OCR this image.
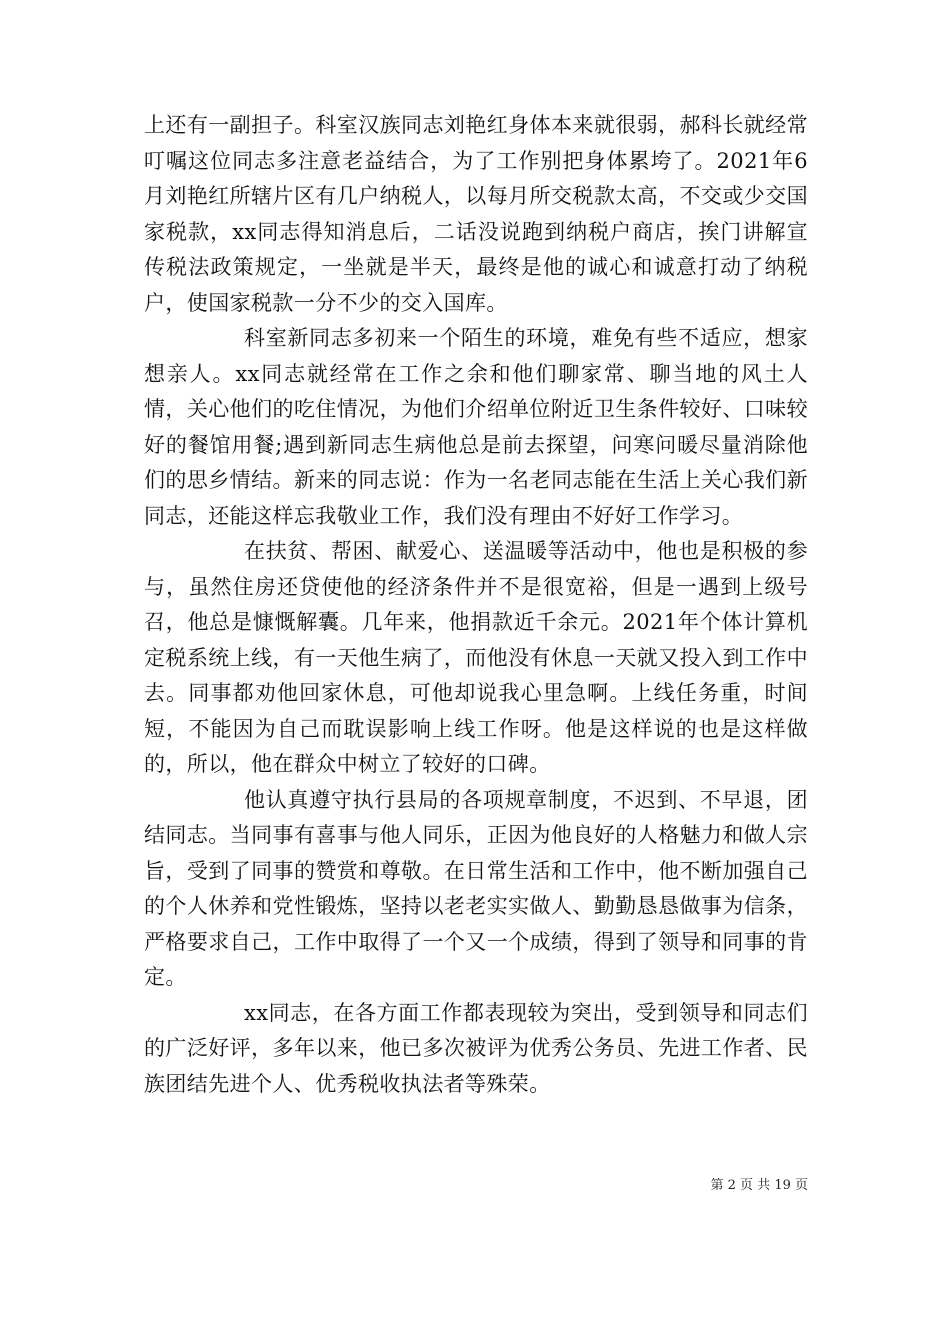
上还有一副担子。科室汉族同志刘艳红身体本来就很弱，郝科长就经常叮嘱这位同志多注意老益结合，为了工作别把身体累垮了。2021年6月刘艳红所辖片区有几户纳税人，以每月所交税款太高，不交或少交国家税款，xx同志得知消息后，二话没说跑到纳税户商店，挨门讲解宣传税法政策规定，一坐就是半天，最终是他的诚心和诚意打动了纳税户，使国家税款一分不少的交入国库。

科室新同志多初来一个陌生的环境，难免有些不适应，想家想亲人。xx同志就经常在工作之余和他们聊家常、聊当地的风土人情，关心他们的吃住情况，为他们介绍单位附近卫生条件较好、口味较好的餐馆用餐;遇到新同志生病他总是前去探望，问寒问暖尽量消除他们的思乡情结。新来的同志说：作为一名老同志能在生活上关心我们新同志，还能这样忘我敬业工作，我们没有理由不好好工作学习。

在扶贫、帮困、献爱心、送温暖等活动中，他也是积极的参与，虽然住房还贷使他的经济条件并不是很宽裕，但是一遇到上级号召，他总是慷慨解囊。几年来，他捐款近千余元。2021年个体计算机定税系统上线，有一天他生病了，而他没有休息一天就又投入到工作中去。同事都劝他回家休息，可他却说我心里急啊。上线任务重，时间短，不能因为自己而耽误影响上线工作呀。他是这样说的也是这样做的，所以，他在群众中树立了较好的口碑。

他认真遵守执行县局的各项规章制度，不迟到、不早退，团结同志。当同事有喜事与他人同乐，正因为他良好的人格魅力和做人宗旨，受到了同事的赞赏和尊敬。在日常生活和工作中，他不断加强自己的个人休养和党性锻炼，坚持以老老实实做人、勤勤恳恳做事为信条，严格要求自己，工作中取得了一个又一个成绩，得到了领导和同事的肯定。

xx同志，在各方面工作都表现较为突出，受到领导和同志们的广泛好评，多年以来，他已多次被评为优秀公务员、先进工作者、民族团结先进个人、优秀税收执法者等殊荣。

第 2 页 共 19 页
